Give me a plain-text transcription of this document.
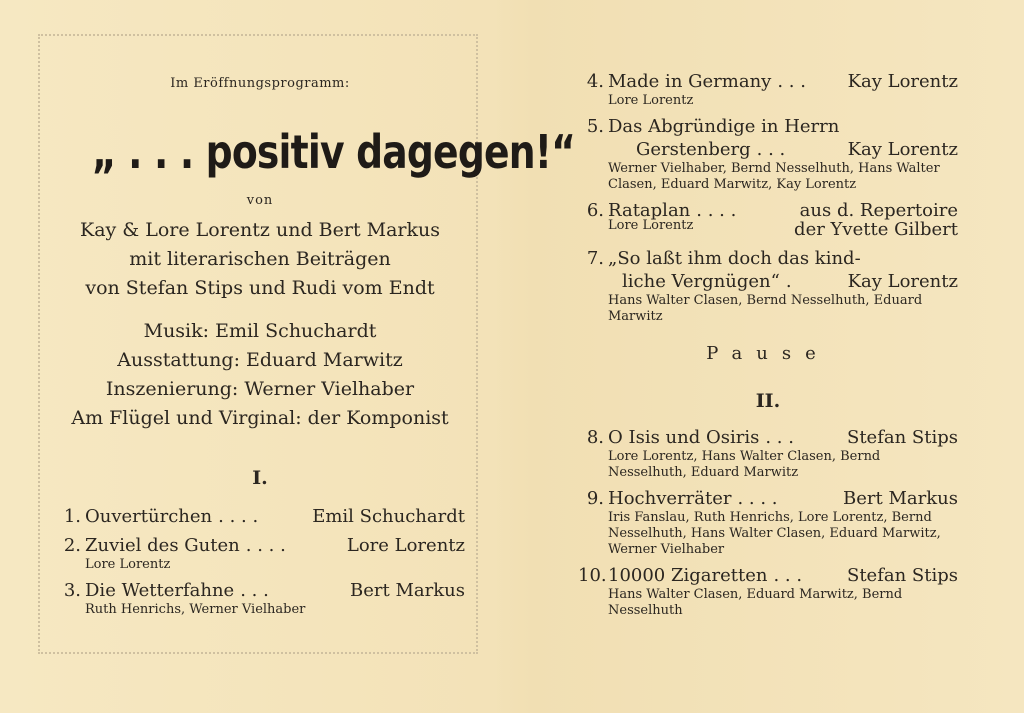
Im Eröffnungsprogramm:
„ . . . positiv dagegen!“
von
Kay & Lore Lorentz und Bert Markus
mit literarischen Beiträgen
von Stefan Stips und Rudi vom Endt
Musik: Emil Schuchardt
Ausstattung: Eduard Marwitz
Inszenierung: Werner Vielhaber
Am Flügel und Virginal: der Komponist
I.
1. Ouvertürchen . . . .	Emil Schuchardt
2. Zuviel des Guten . . . .	Lore Lorentz
Lore Lorentz
3. Die Wetterfahne . . .	Bert Markus
Ruth Henrichs, Werner Vielhaber
4. Made in Germany . . .	Kay Lorentz
Lore Lorentz
5. Das Abgründige in Herrn
Gerstenberg . . .	Kay Lorentz
Werner Vielhaber, Bernd Nesselhuth, Hans Walter Clasen, Eduard Marwitz, Kay Lorentz
6. Rataplan . . . .	aus d. Repertoire
Lore Lorentz	der Yvette Gilbert
7. „So laßt ihm doch das kind-
liche Vergnügen“ .	Kay Lorentz
Hans Walter Clasen, Bernd Nesselhuth, Eduard Marwitz
Pause
II.
8. O Isis und Osiris . . .	Stefan Stips
Lore Lorentz, Hans Walter Clasen, Bernd Nesselhuth, Eduard Marwitz
9. Hochverräter . . . .	Bert Markus
Iris Fanslau, Ruth Henrichs, Lore Lorentz, Bernd Nesselhuth, Hans Walter Clasen, Eduard Marwitz, Werner Vielhaber
10. 10000 Zigaretten . . .	Stefan Stips
Hans Walter Clasen, Eduard Marwitz, Bernd Nesselhuth
